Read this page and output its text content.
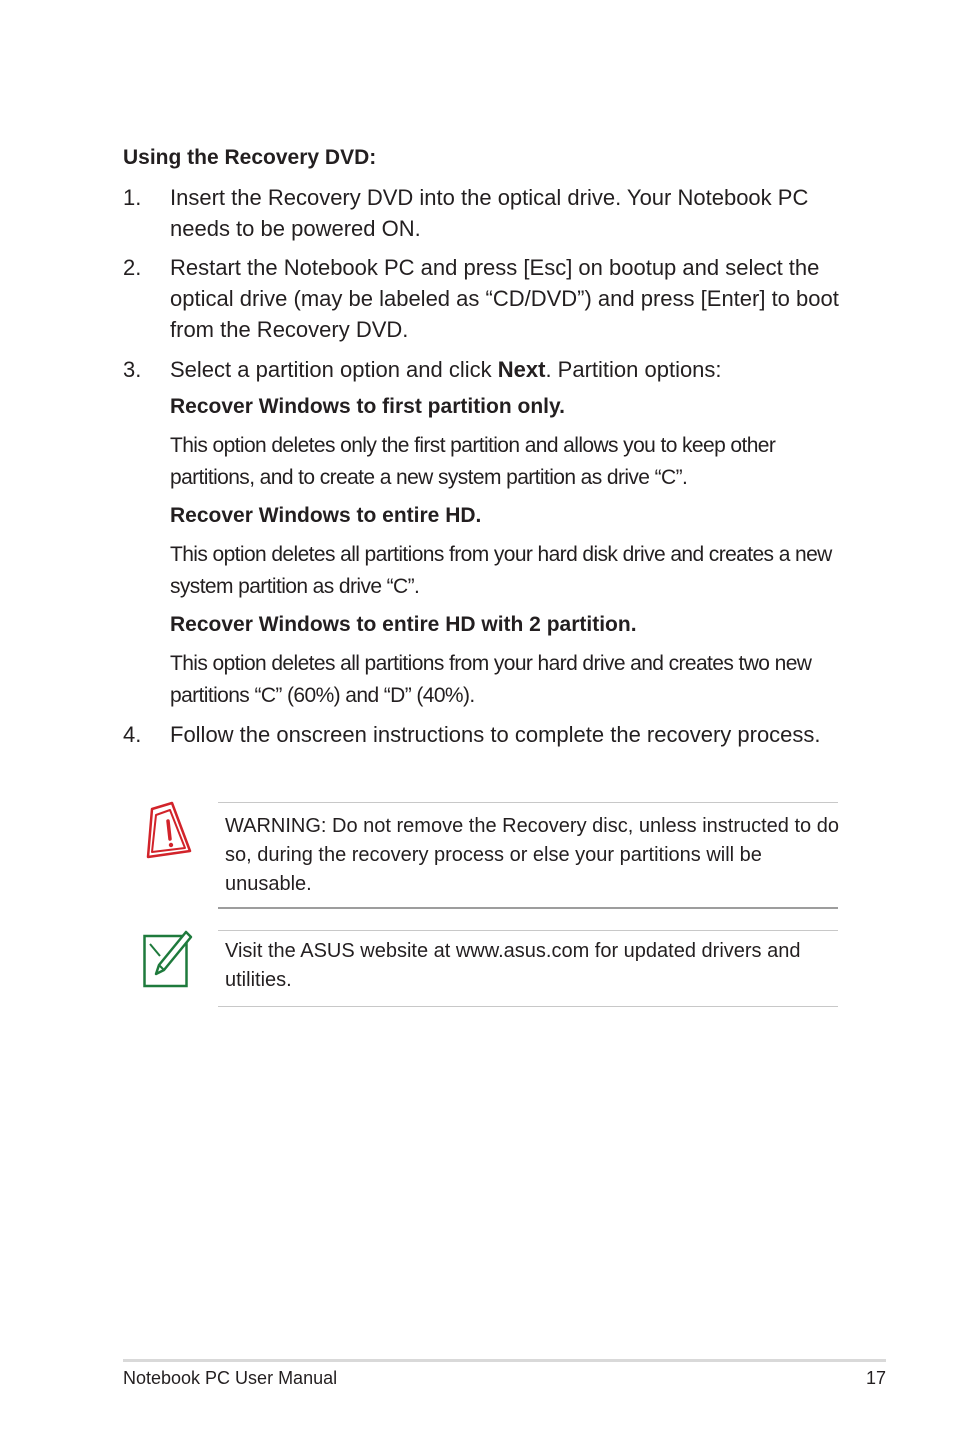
Using the Recovery DVD:
1.	Insert the Recovery DVD into the optical drive. Your Notebook PC needs to be powered ON.
2.	Restart the Notebook PC and press [Esc] on bootup and select the optical drive (may be labeled as “CD/DVD”) and press [Enter] to boot from the Recovery DVD.
3.	Select a partition option and click Next. Partition options:
Recover Windows to first partition only.
This option deletes only the first partition and allows you to keep other partitions, and to create a new system partition as drive “C”.
Recover Windows to entire HD.
This option deletes all partitions from your hard disk drive and creates a new system partition as drive “C”.
Recover Windows to entire HD with 2 partition.
This option deletes all partitions from your hard drive and creates two new partitions “C” (60%) and “D” (40%).
4.	Follow the onscreen instructions to complete the recovery process.
WARNING: Do not remove the Recovery disc, unless instructed to do so, during the recovery process or else your partitions will be unusable.
Visit the ASUS website at www.asus.com for updated drivers and utilities.
Notebook PC User Manual	17
